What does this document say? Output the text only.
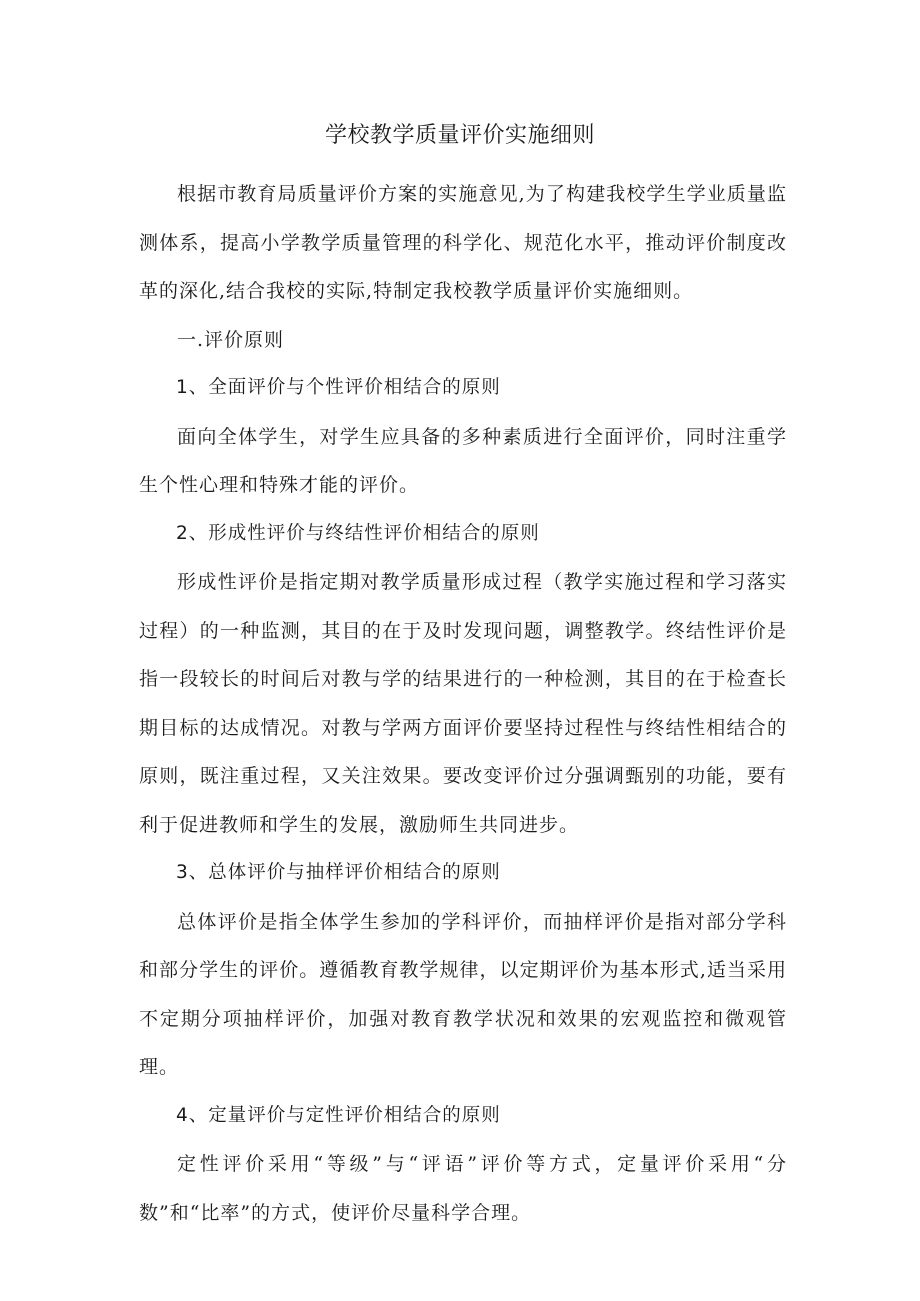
学校教学质量评价实施细则

根据市教育局质量评价方案的实施意见,为了构建我校学生学业质量监测体系，提高小学教学质量管理的科学化、规范化水平，推动评价制度改革的深化,结合我校的实际,特制定我校教学质量评价实施细则。

一.评价原则

1、全面评价与个性评价相结合的原则

面向全体学生，对学生应具备的多种素质进行全面评价，同时注重学生个性心理和特殊才能的评价。

2、形成性评价与终结性评价相结合的原则

形成性评价是指定期对教学质量形成过程（教学实施过程和学习落实过程）的一种监测，其目的在于及时发现问题，调整教学。终结性评价是指一段较长的时间后对教与学的结果进行的一种检测，其目的在于检查长期目标的达成情况。对教与学两方面评价要坚持过程性与终结性相结合的原则，既注重过程，又关注效果。要改变评价过分强调甄别的功能，要有利于促进教师和学生的发展，激励师生共同进步。

3、总体评价与抽样评价相结合的原则

总体评价是指全体学生参加的学科评价，而抽样评价是指对部分学科和部分学生的评价。遵循教育教学规律，以定期评价为基本形式,适当采用不定期分项抽样评价，加强对教育教学状况和效果的宏观监控和微观管理。

4、定量评价与定性评价相结合的原则

定性评价采用“等级”与“评语”评价等方式，定量评价采用“分数”和“比率”的方式，使评价尽量科学合理。
